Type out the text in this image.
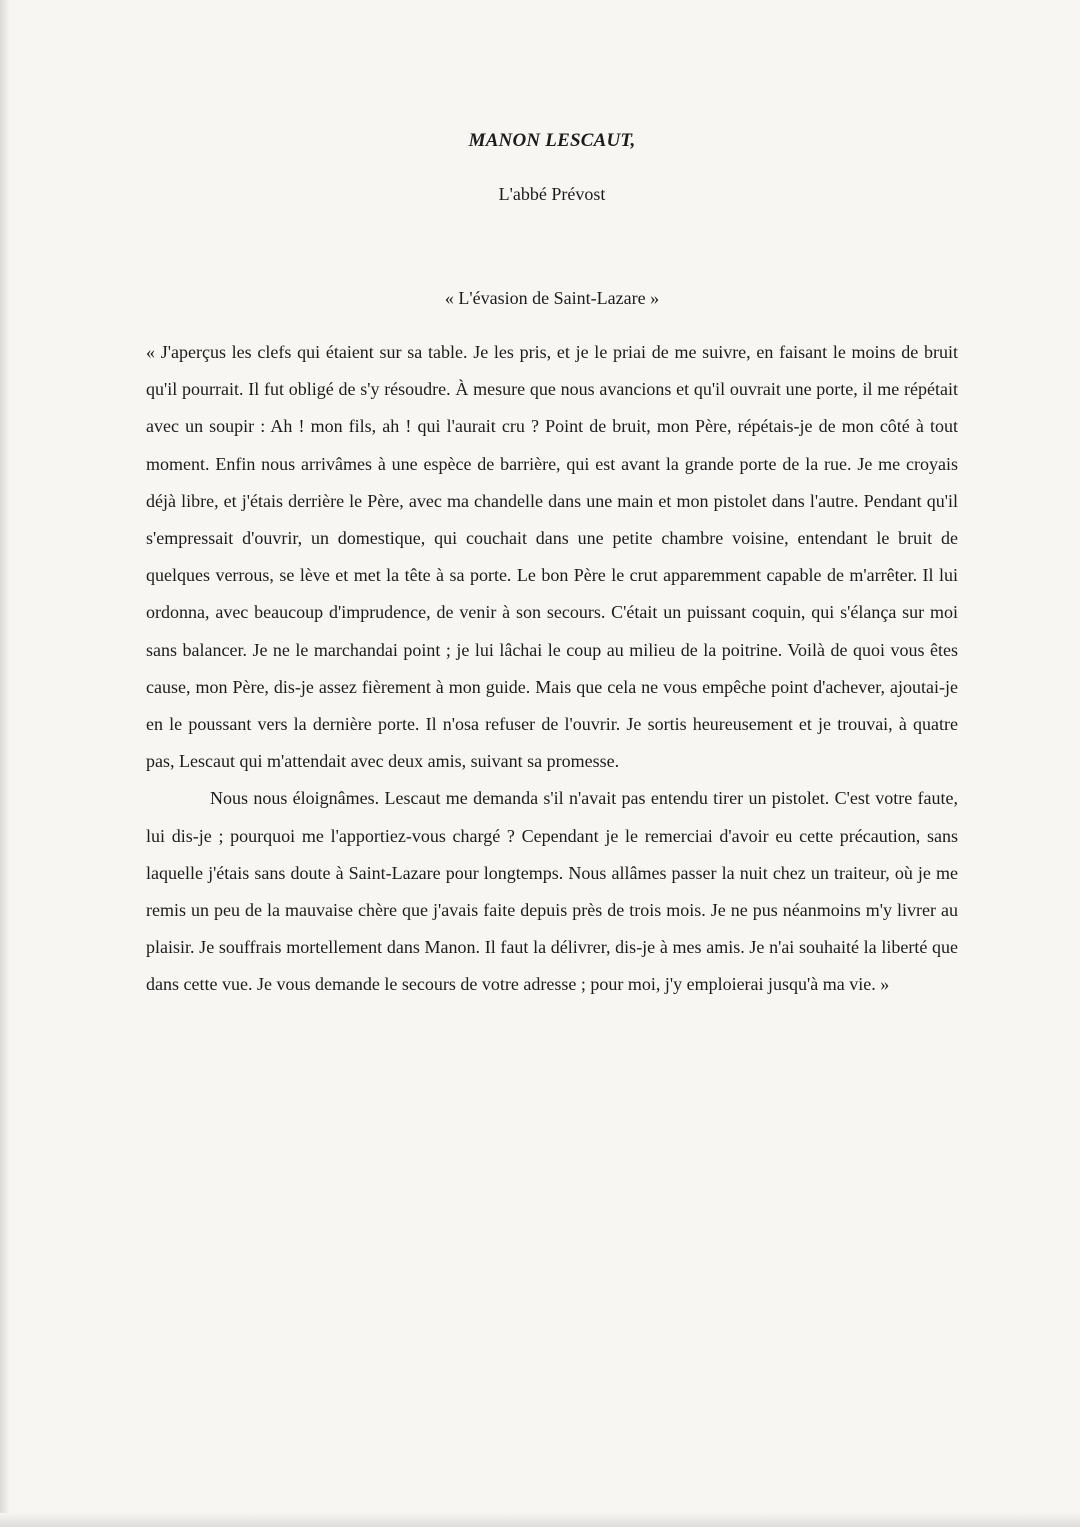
MANON LESCAUT,
L'abbé Prévost
« L'évasion de Saint-Lazare »

« J'aperçus les clefs qui étaient sur sa table. Je les pris, et je le priai de me suivre, en faisant le moins de bruit qu'il pourrait. Il fut obligé de s'y résoudre. À mesure que nous avancions et qu'il ouvrait une porte, il me répétait avec un soupir : Ah ! mon fils, ah ! qui l'aurait cru ? Point de bruit, mon Père, répétais-je de mon côté à tout moment. Enfin nous arrivâmes à une espèce de barrière, qui est avant la grande porte de la rue. Je me croyais déjà libre, et j'étais derrière le Père, avec ma chandelle dans une main et mon pistolet dans l'autre. Pendant qu'il s'empressait d'ouvrir, un domestique, qui couchait dans une petite chambre voisine, entendant le bruit de quelques verrous, se lève et met la tête à sa porte. Le bon Père le crut apparemment capable de m'arrêter. Il lui ordonna, avec beaucoup d'imprudence, de venir à son secours. C'était un puissant coquin, qui s'élança sur moi sans balancer. Je ne le marchandai point ; je lui lâchai le coup au milieu de la poitrine. Voilà de quoi vous êtes cause, mon Père, dis-je assez fièrement à mon guide. Mais que cela ne vous empêche point d'achever, ajoutai-je en le poussant vers la dernière porte. Il n'osa refuser de l'ouvrir. Je sortis heureusement et je trouvai, à quatre pas, Lescaut qui m'attendait avec deux amis, suivant sa promesse.

Nous nous éloignâmes. Lescaut me demanda s'il n'avait pas entendu tirer un pistolet. C'est votre faute, lui dis-je ; pourquoi me l'apportiez-vous chargé ? Cependant je le remerciai d'avoir eu cette précaution, sans laquelle j'étais sans doute à Saint-Lazare pour longtemps. Nous allâmes passer la nuit chez un traiteur, où je me remis un peu de la mauvaise chère que j'avais faite depuis près de trois mois. Je ne pus néanmoins m'y livrer au plaisir. Je souffrais mortellement dans Manon. Il faut la délivrer, dis-je à mes amis. Je n'ai souhaité la liberté que dans cette vue. Je vous demande le secours de votre adresse ; pour moi, j'y emploierai jusqu'à ma vie. »
